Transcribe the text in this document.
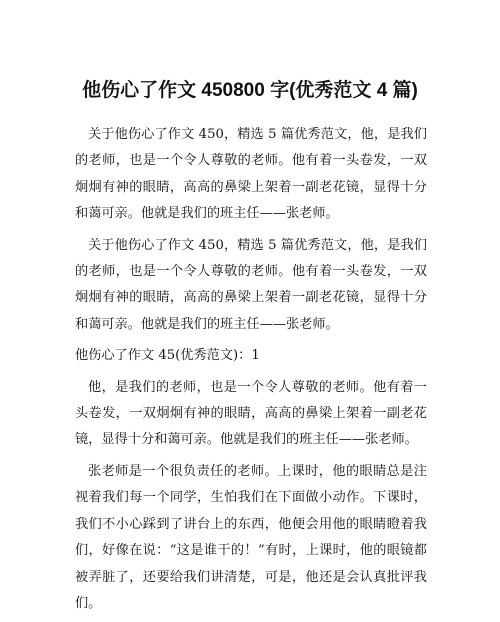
他伤心了作文 450800 字(优秀范文 4 篇)

关于他伤心了作文 450，精选 5 篇优秀范文，他，是我们的老师，也是一个令人尊敬的老师。他有着一头卷发，一双炯炯有神的眼睛，高高的鼻梁上架着一副老花镜，显得十分和蔼可亲。他就是我们的班主任——张老师。

关于他伤心了作文 450，精选 5 篇优秀范文，他，是我们的老师，也是一个令人尊敬的老师。他有着一头卷发，一双炯炯有神的眼睛，高高的鼻梁上架着一副老花镜，显得十分和蔼可亲。他就是我们的班主任——张老师。

他伤心了作文 45(优秀范文)：1

他，是我们的老师，也是一个令人尊敬的老师。他有着一头卷发，一双炯炯有神的眼睛，高高的鼻梁上架着一副老花镜，显得十分和蔼可亲。他就是我们的班主任——张老师。

张老师是一个很负责任的老师。上课时，他的眼睛总是注视着我们每一个同学，生怕我们在下面做小动作。下课时，我们不小心踩到了讲台上的东西，他便会用他的眼睛瞪着我们，好像在说：“这是谁干的！”有时，上课时，他的眼镜都被弄脏了，还要给我们讲清楚，可是，他还是会认真批评我们。
